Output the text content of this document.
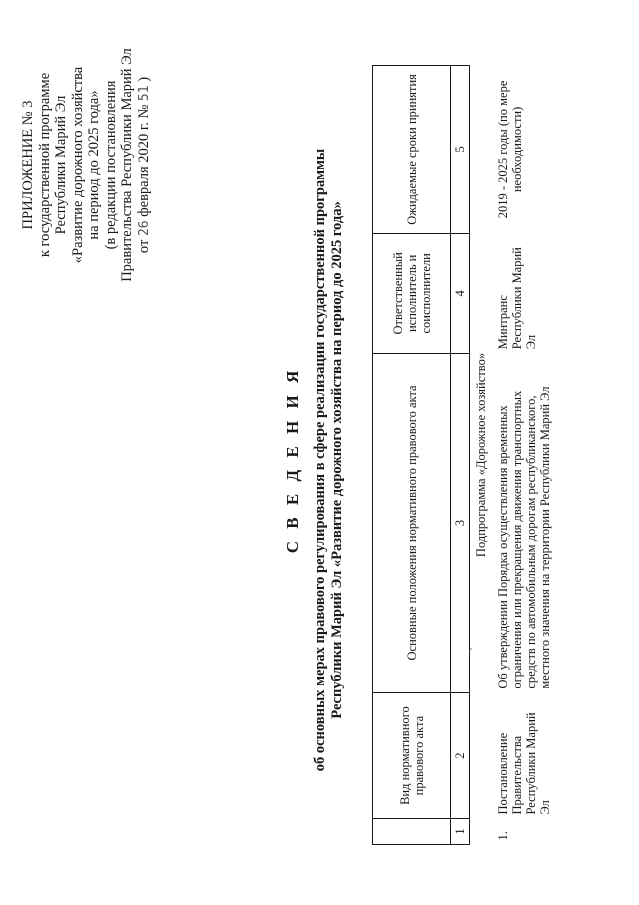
ПРИЛОЖЕНИЕ № 3 к государственной программе Республики Марий Эл «Развитие дорожного хозяйства на период до 2025 года» (в редакции постановления Правительства Республики Марий Эл от 26 февраля 2020 г. № 51 )
С В Е Д Е Н И Я об основных мерах правового регулирования в сфере реализации государственной программы Республики Марий Эл «Развитие дорожного хозяйства на период до 2025 года»
	Вид нормативного правового акта	Основные положения нормативного правового акта	Ответственный исполнитель и соисполнители	Ожидаемые сроки принятия
1	2	3	4	5
Подпрограмма «Дорожное хозяйство»				
1.	Постановление Правительства Республики Марий Эл	Об утверждении Порядка осуществления временных ограничения или прекращения движения транспортных средств по автомобильным дорогам республиканского, местного значения на территории Республики Марий Эл	Минтранс Республики Марий Эл	2019 - 2025 годы (по мере необходимости)
